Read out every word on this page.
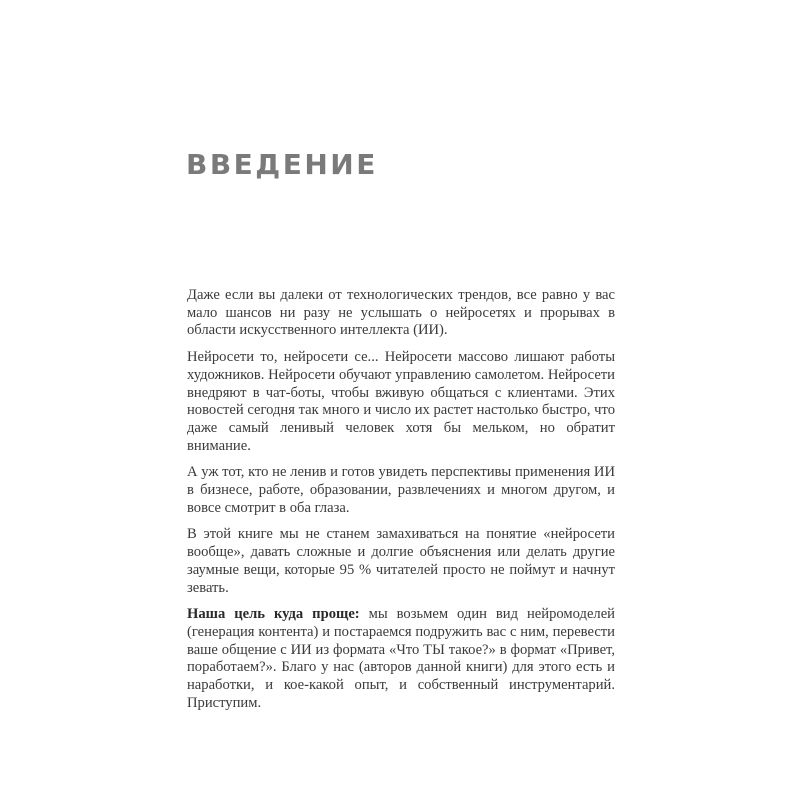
ВВЕДЕНИЕ

Даже если вы далеки от технологических трендов, все равно у вас мало шансов ни разу не услышать о нейросетях и прорывах в области искусственного интеллекта (ИИ).

Нейросети то, нейросети се... Нейросети массово лишают работы художников. Нейросети обучают управлению самолетом. Нейросети внедряют в чат-боты, чтобы вживую общаться с клиентами. Этих новостей сегодня так много и число их растет настолько быстро, что даже самый ленивый человек хотя бы мельком, но обратит внимание.

А уж тот, кто не ленив и готов увидеть перспективы применения ИИ в бизнесе, работе, образовании, развлечениях и многом другом, и вовсе смотрит в оба глаза.

В этой книге мы не станем замахиваться на понятие «нейросети вообще», давать сложные и долгие объяснения или делать другие заумные вещи, которые 95 % читателей просто не поймут и начнут зевать.

Наша цель куда проще: мы возьмем один вид нейромоделей (генерация контента) и постараемся подружить вас с ним, перевести ваше общение с ИИ из формата «Что ТЫ такое?» в формат «Привет, поработаем?». Благо у нас (авторов данной книги) для этого есть и наработки, и кое-какой опыт, и собственный инструментарий. Приступим.
